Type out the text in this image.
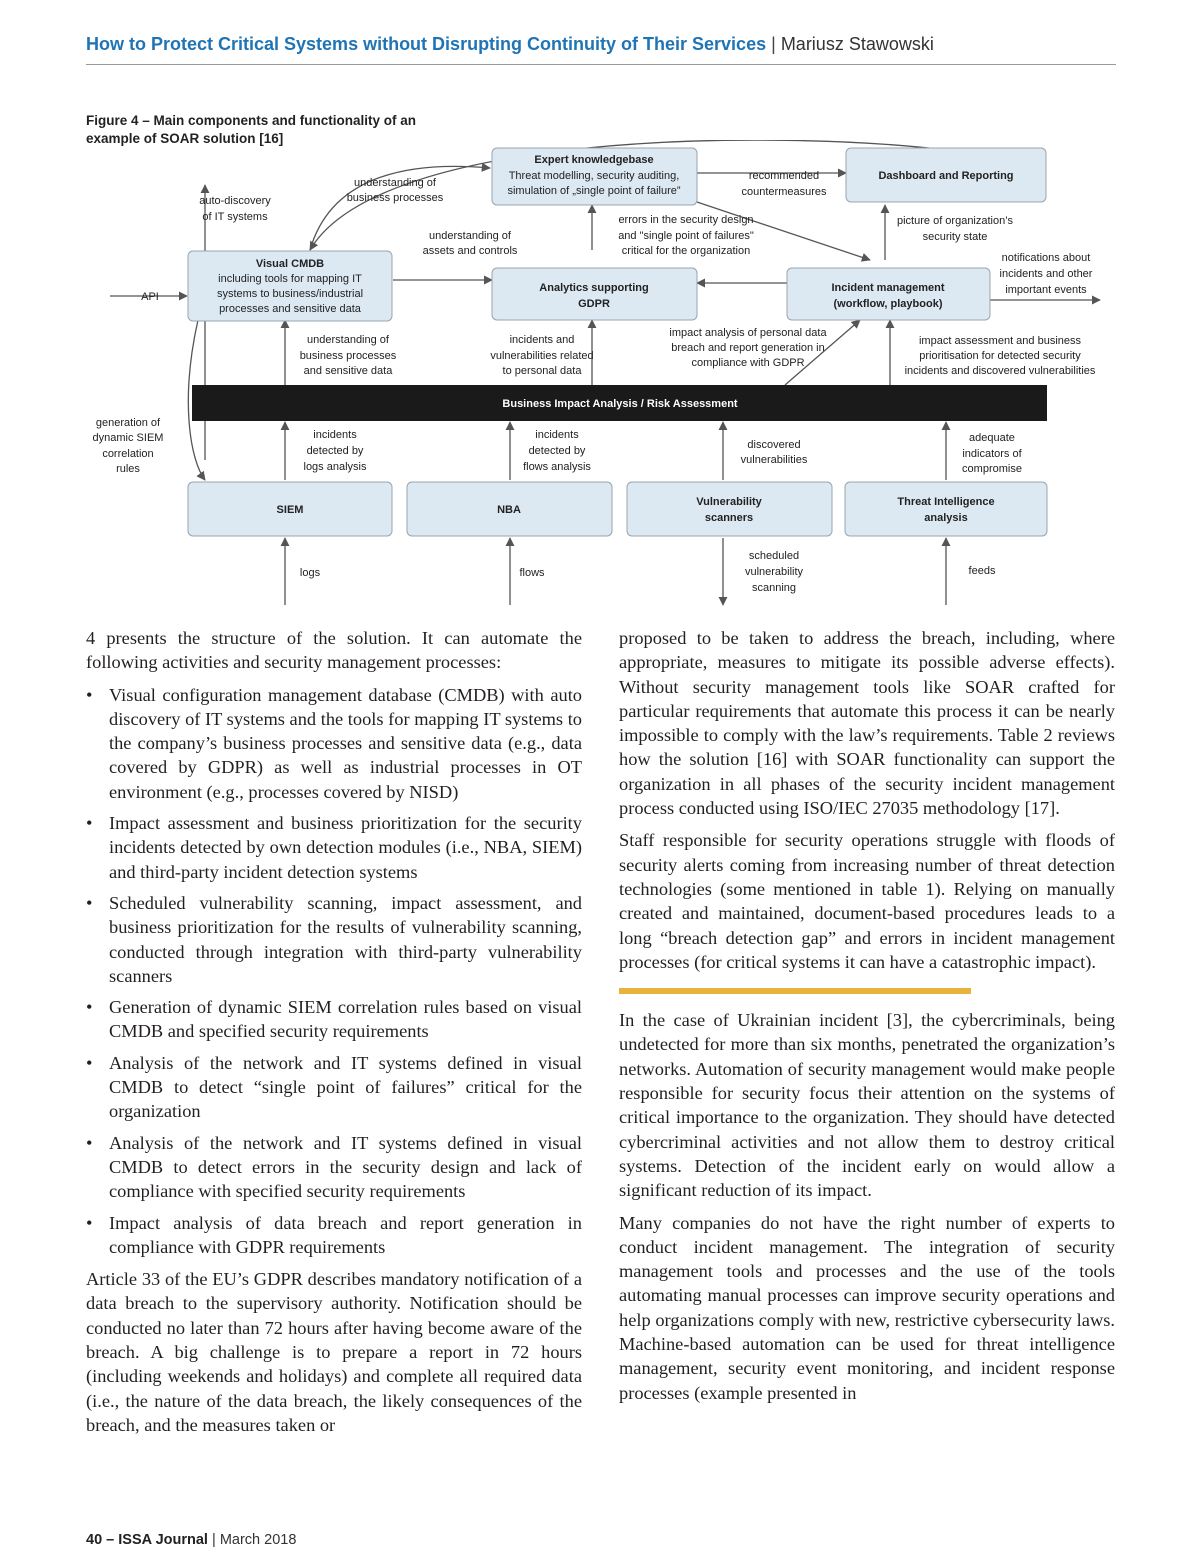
How to Protect Critical Systems without Disrupting Continuity of Their Services | Mariusz Stawowski
Figure 4 – Main components and functionality of an example of SOAR solution [16]
Expert knowledgebase
Threat modelling, security auditing,
simulation of „single point of failure”
Dashboard and Reporting
Visual CMDB
including tools for mapping IT
systems to business/industrial
processes and sensitive data
Analytics supporting
GDPR
Incident management
(workflow, playbook)
Business Impact Analysis / Risk Assessment
SIEM	NBA
Vulnerability
scanners
Threat Intelligence
analysis
auto-discovery
of IT systems
understanding of
business processes
recommended
countermeasures
understanding of
assets and controls
errors in the security design
and "single point of failures"
critical for the organization
picture of organization’s
security state
notifications about
incidents and other
important events
API
understanding of
business processes
and sensitive data
incidents and
vulnerabilities related
to personal data
impact analysis of personal data
breach and report generation in
compliance with GDPR
impact assessment and business
prioritisation for detected security
incidents and discovered vulnerabilities
generation of
dynamic SIEM
correlation
rules
incidents
detected by
logs analysis
incidents
detected by
flows analysis
discovered
vulnerabilities
adequate
indicators of
compromise
logs	flows
scheduled
vulnerability
scanning
feeds

4 presents the structure of the solution. It can automate the following activities and security management processes:

• Visual configuration management database (CMDB) with auto discovery of IT systems and the tools for mapping IT systems to the company’s business processes and sensitive data (e.g., data covered by GDPR) as well as industrial processes in OT environment (e.g., processes covered by NISD)
• Impact assessment and business prioritization for the security incidents detected by own detection modules (i.e., NBA, SIEM) and third-party incident detection systems
• Scheduled vulnerability scanning, impact assessment, and business prioritization for the results of vulnerability scanning, conducted through integration with third-party vulnerability scanners
• Generation of dynamic SIEM correlation rules based on visual CMDB and specified security requirements
• Analysis of the network and IT systems defined in visual CMDB to detect “single point of failures” critical for the organization
• Analysis of the network and IT systems defined in visual CMDB to detect errors in the security design and lack of compliance with specified security requirements
• Impact analysis of data breach and report generation in compliance with GDPR requirements

Article 33 of the EU’s GDPR describes mandatory notification of a data breach to the supervisory authority. Notification should be conducted no later than 72 hours after having become aware of the breach. A big challenge is to prepare a report in 72 hours (including weekends and holidays) and complete all required data (i.e., the nature of the data breach, the likely consequences of the breach, and the measures taken or

proposed to be taken to address the breach, including, where appropriate, measures to mitigate its possible adverse effects). Without security management tools like SOAR crafted for particular requirements that automate this process it can be nearly impossible to comply with the law’s requirements. Table 2 reviews how the solution [16] with SOAR functionality can support the organization in all phases of the security incident management process conducted using ISO/IEC 27035 methodology [17].

Staff responsible for security operations struggle with floods of security alerts coming from increasing number of threat detection technologies (some mentioned in table 1). Relying on manually created and maintained, document-based procedures leads to a long “breach detection gap” and errors in incident management processes (for critical systems it can have a catastrophic impact).

In the case of Ukrainian incident [3], the cybercriminals, being undetected for more than six months, penetrated the organization’s networks. Automation of security management would make people responsible for security focus their attention on the systems of critical importance to the organization. They should have detected cybercriminal activities and not allow them to destroy critical systems. Detection of the incident early on would allow a significant reduction of its impact.

Many companies do not have the right number of experts to conduct incident management. The integration of security management tools and processes and the use of the tools automating manual processes can improve security operations and help organizations comply with new, restrictive cybersecurity laws. Machine-based automation can be used for threat intelligence management, security event monitoring, and incident response processes (example presented in

40 – ISSA Journal | March 2018
